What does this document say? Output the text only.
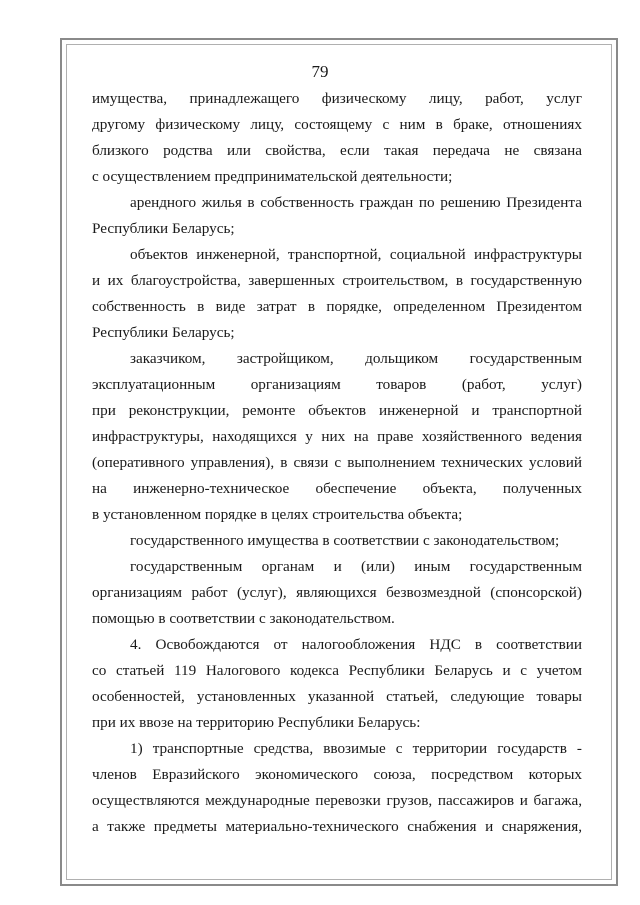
79
имущества, принадлежащего физическому лицу, работ, услуг
другому физическому лицу, состоящему с ним в браке, отношениях
близкого родства или свойства, если такая передача не связана
с осуществлением предпринимательской деятельности;
арендного жилья в собственность граждан по решению Президента
Республики Беларусь;
объектов инженерной, транспортной, социальной инфраструктуры
и их благоустройства, завершенных строительством, в государственную
собственность в виде затрат в порядке, определенном Президентом
Республики Беларусь;
заказчиком, застройщиком, дольщиком государственным
эксплуатационным организациям товаров (работ, услуг)
при реконструкции, ремонте объектов инженерной и транспортной
инфраструктуры, находящихся у них на праве хозяйственного ведения
(оперативного управления), в связи с выполнением технических условий
на инженерно-техническое обеспечение объекта, полученных
в установленном порядке в целях строительства объекта;
государственного имущества в соответствии с законодательством;
государственным органам и (или) иным государственным
организациям работ (услуг), являющихся безвозмездной (спонсорской)
помощью в соответствии с законодательством.
4. Освобождаются от налогообложения НДС в соответствии
со статьей 119 Налогового кодекса Республики Беларусь и с учетом
особенностей, установленных указанной статьей, следующие товары
при их ввозе на территорию Республики Беларусь:
1) транспортные средства, ввозимые с территории государств -
членов Евразийского экономического союза, посредством которых
осуществляются международные перевозки грузов, пассажиров и багажа,
а также предметы материально-технического снабжения и снаряжения,
